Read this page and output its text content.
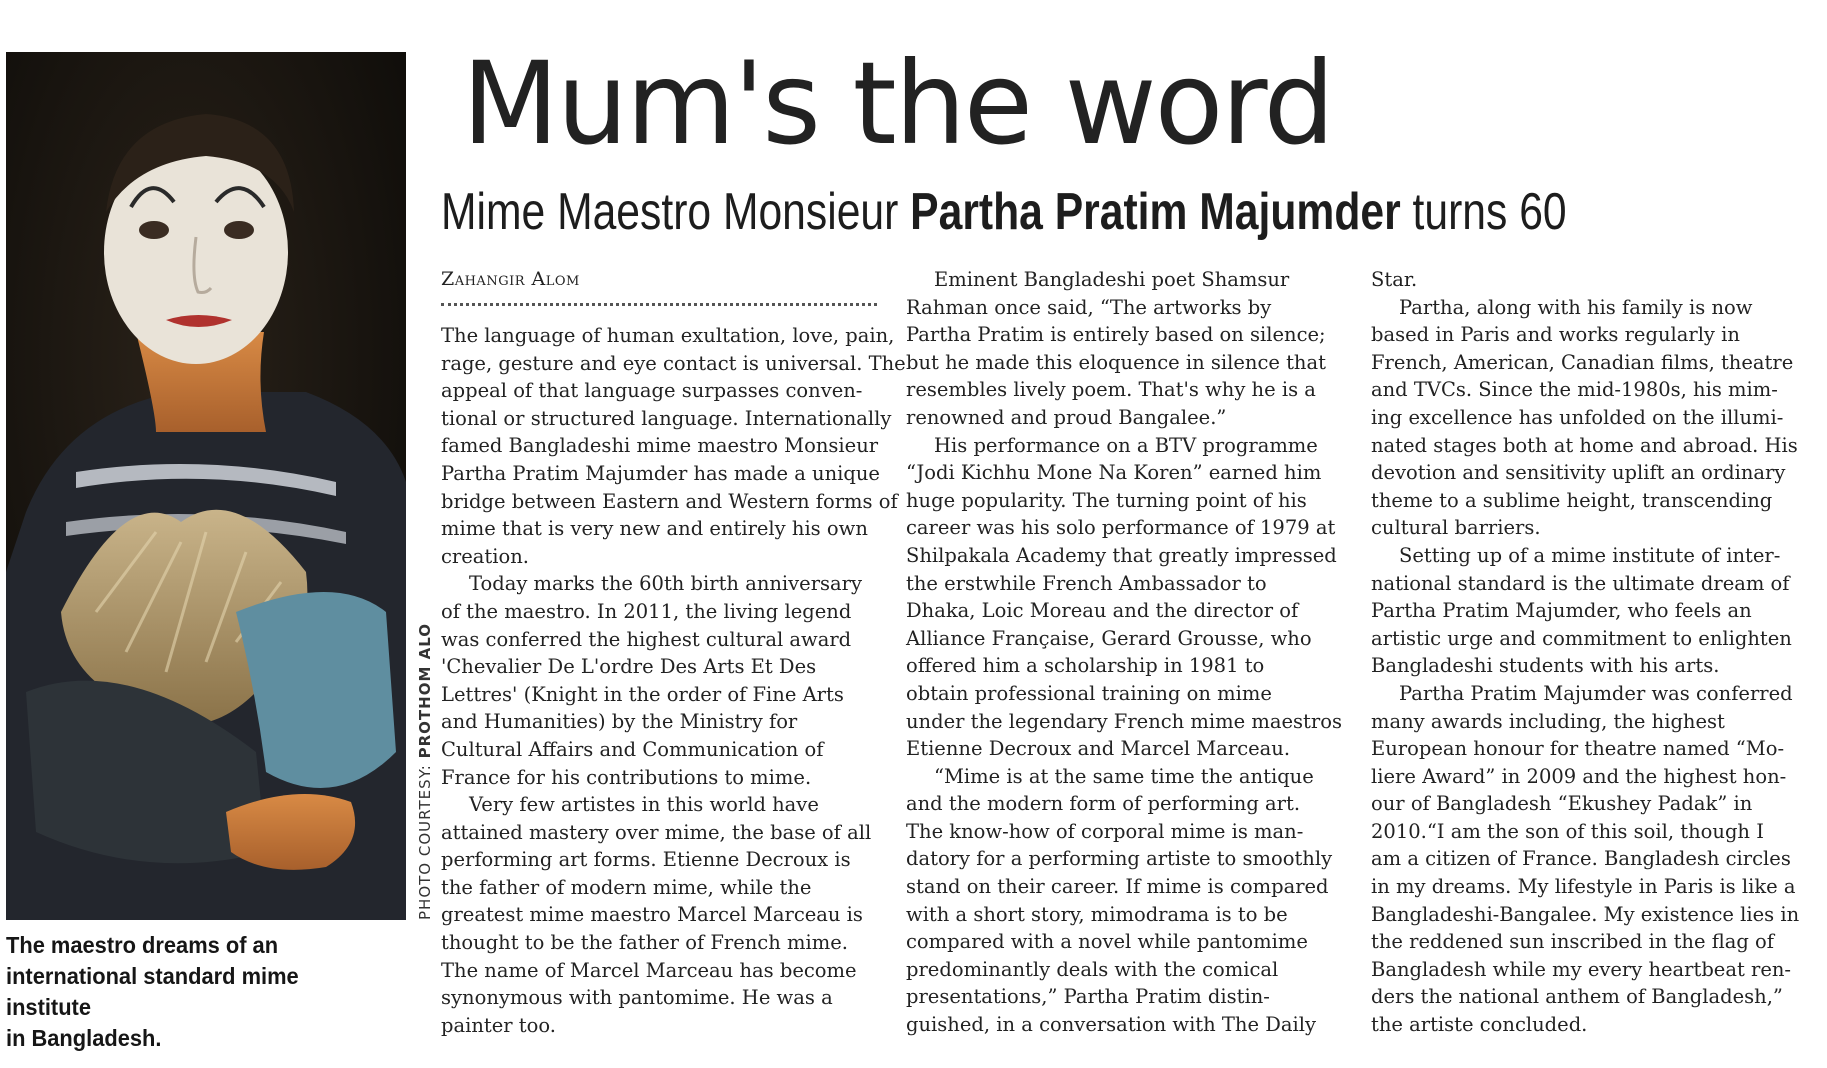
The maestro dreams of an
international standard mime institute
in Bangladesh.
PHOTO COURTESY: PROTHOM ALO
Mum's the word
Mime Maestro Monsieur Partha Pratim Majumder turns 60
Zahangir Alom

The language of human exultation, love, pain,

rage, gesture and eye contact is universal. The

appeal of that language surpasses conven-

tional or structured language. Internationally

famed Bangladeshi mime maestro Monsieur

Partha Pratim Majumder has made a unique

bridge between Eastern and Western forms of

mime that is very new and entirely his own

creation.

Today marks the 60th birth anniversary

of the maestro. In 2011, the living legend

was conferred the highest cultural award

'Chevalier De L'ordre Des Arts Et Des

Lettres' (Knight in the order of Fine Arts

and Humanities) by the Ministry for

Cultural Affairs and Communication of

France for his contributions to mime.

Very few artistes in this world have

attained mastery over mime, the base of all

performing art forms. Etienne Decroux is

the father of modern mime, while the

greatest mime maestro Marcel Marceau is

thought to be the father of French mime.

The name of Marcel Marceau has become

synonymous with pantomime. He was a

painter too.

Eminent Bangladeshi poet Shamsur

Rahman once said, “The artworks by

Partha Pratim is entirely based on silence;

but he made this eloquence in silence that

resembles lively poem. That's why he is a

renowned and proud Bangalee.”

His performance on a BTV programme

“Jodi Kichhu Mone Na Koren” earned him

huge popularity. The turning point of his

career was his solo performance of 1979 at

Shilpakala Academy that greatly impressed

the erstwhile French Ambassador to

Dhaka, Loic Moreau and the director of

Alliance Française, Gerard Grousse, who

offered him a scholarship in 1981 to

obtain professional training on mime

under the legendary French mime maestros

Etienne Decroux and Marcel Marceau.

“Mime is at the same time the antique

and the modern form of performing art.

The know-how of corporal mime is man-

datory for a performing artiste to smoothly

stand on their career. If mime is compared

with a short story, mimodrama is to be

compared with a novel while pantomime

predominantly deals with the comical

presentations,” Partha Pratim distin-

guished, in a conversation with The Daily

Star.

Partha, along with his family is now

based in Paris and works regularly in

French, American, Canadian films, theatre

and TVCs. Since the mid-1980s, his mim-

ing excellence has unfolded on the illumi-

nated stages both at home and abroad. His

devotion and sensitivity uplift an ordinary

theme to a sublime height, transcending

cultural barriers.

Setting up of a mime institute of inter-

national standard is the ultimate dream of

Partha Pratim Majumder, who feels an

artistic urge and commitment to enlighten

Bangladeshi students with his arts.

Partha Pratim Majumder was conferred

many awards including, the highest

European honour for theatre named “Mo-

liere Award” in 2009 and the highest hon-

our of Bangladesh “Ekushey Padak” in

2010.“I am the son of this soil, though I

am a citizen of France. Bangladesh circles

in my dreams. My lifestyle in Paris is like a

Bangladeshi-Bangalee. My existence lies in

the reddened sun inscribed in the flag of

Bangladesh while my every heartbeat ren-

ders the national anthem of Bangladesh,”

the artiste concluded.
